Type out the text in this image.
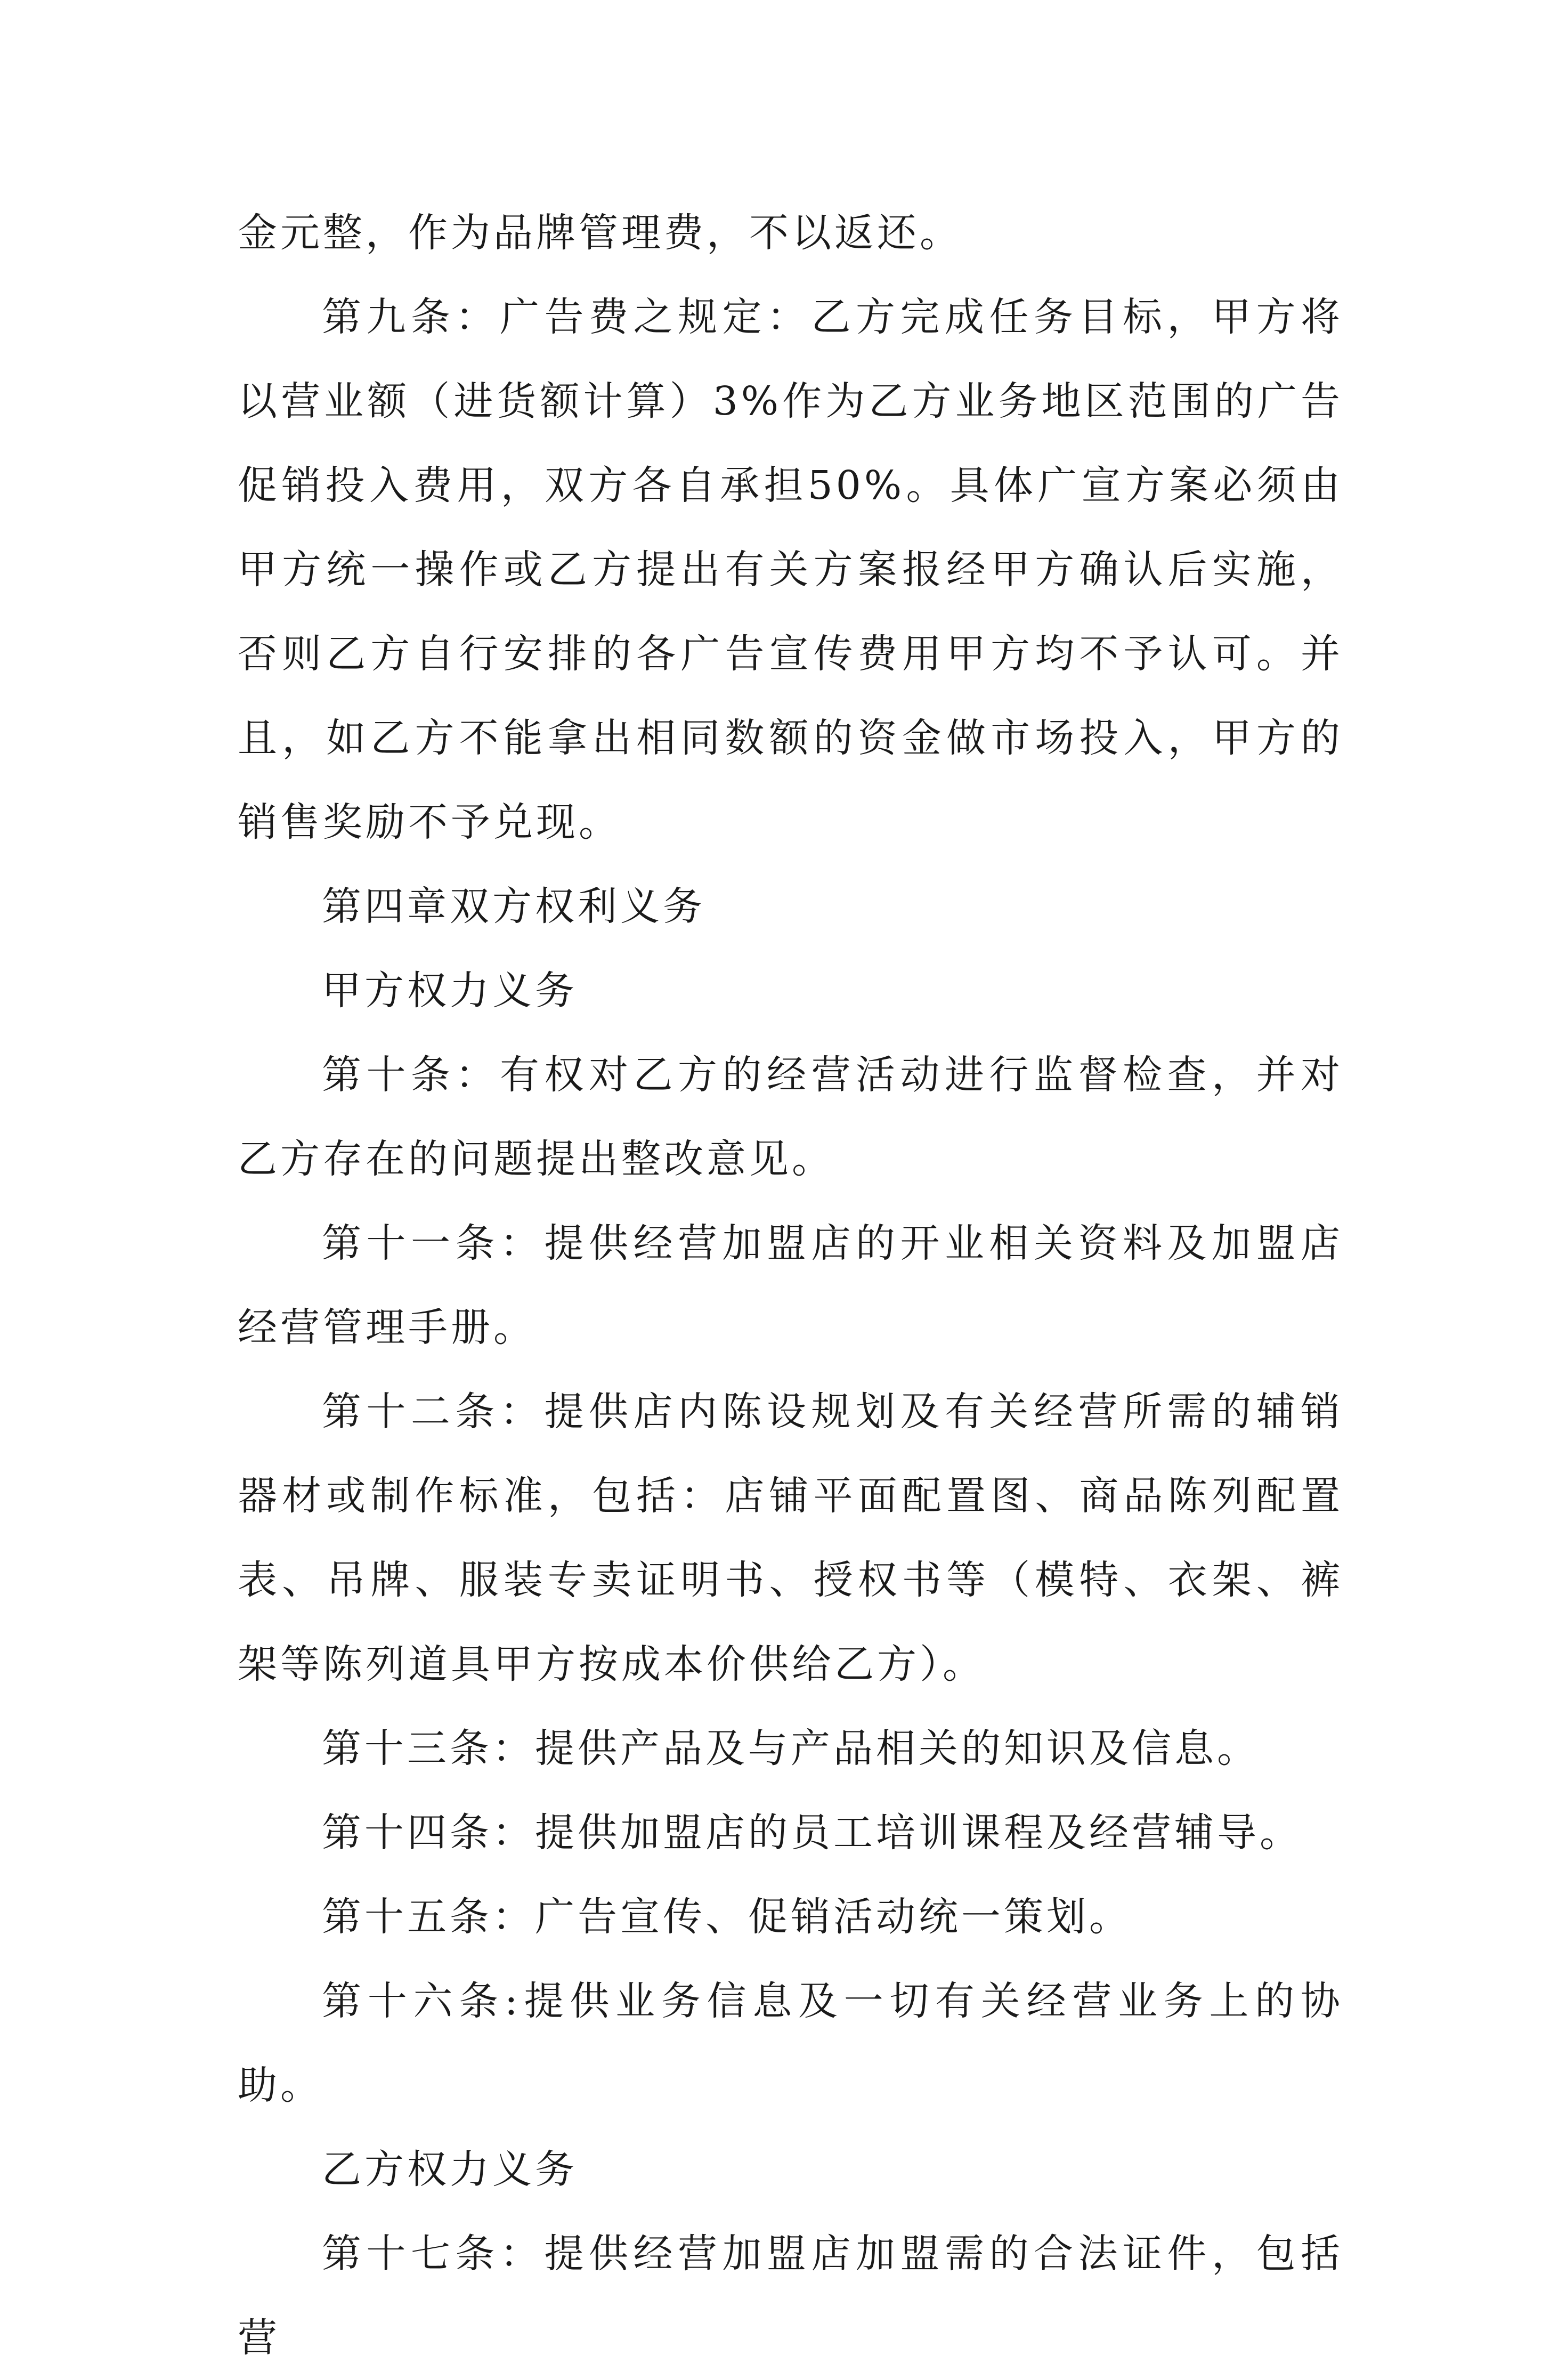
金元整，作为品牌管理费，不以返还。

第九条：广告费之规定：乙方完成任务目标，甲方将以营业额（进货额计算）3%作为乙方业务地区范围的广告促销投入费用，双方各自承担50%。具体广宣方案必须由甲方统一操作或乙方提出有关方案报经甲方确认后实施，否则乙方自行安排的各广告宣传费用甲方均不予认可。并且，如乙方不能拿出相同数额的资金做市场投入，甲方的销售奖励不予兑现。

第四章双方权利义务

甲方权力义务

第十条：有权对乙方的经营活动进行监督检查，并对乙方存在的问题提出整改意见。

第十一条：提供经营加盟店的开业相关资料及加盟店经营管理手册。

第十二条：提供店内陈设规划及有关经营所需的辅销器材或制作标准，包括：店铺平面配置图、商品陈列配置表、吊牌、服装专卖证明书、授权书等（模特、衣架、裤架等陈列道具甲方按成本价供给乙方）。

第十三条：提供产品及与产品相关的知识及信息。

第十四条：提供加盟店的员工培训课程及经营辅导。

第十五条：广告宣传、促销活动统一策划。

第十六条:提供业务信息及一切有关经营业务上的协助。

乙方权力义务

第十七条：提供经营加盟店加盟需的合法证件，包括营
